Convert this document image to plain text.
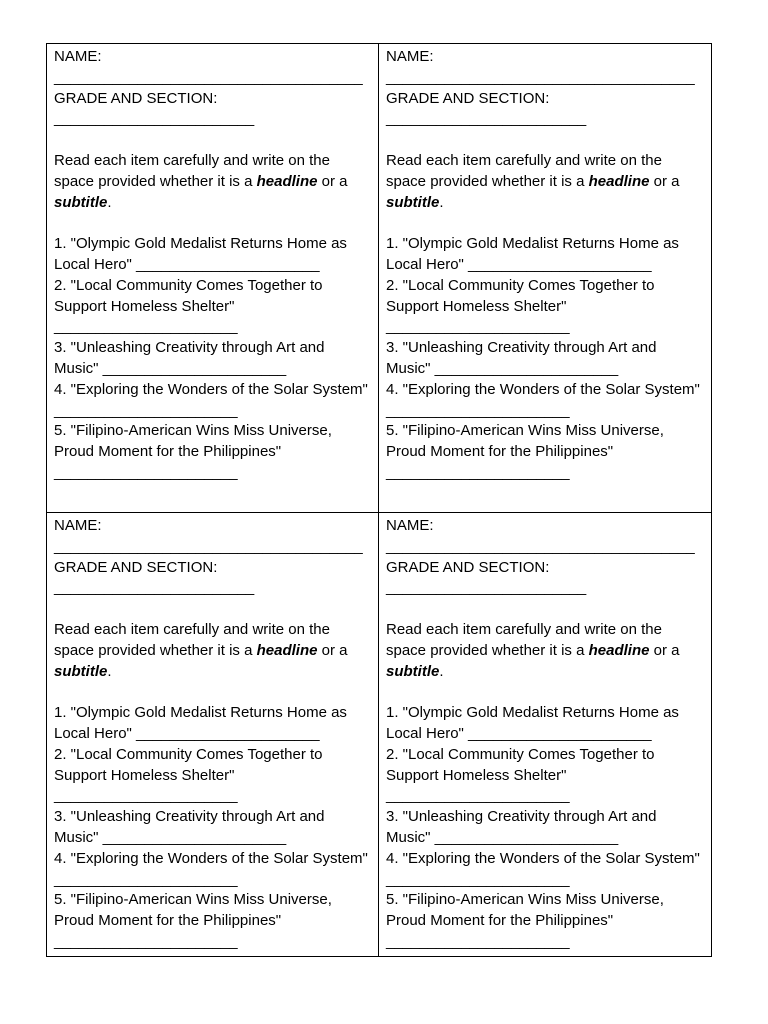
NAME:
_____________________________________
GRADE AND SECTION:
________________________
Read each item carefully and write on the space provided whether it is a headline or a subtitle.
1. "Olympic Gold Medalist Returns Home as Local Hero" ______________________
2. "Local Community Comes Together to Support Homeless Shelter" ______________________
3. "Unleashing Creativity through Art and Music" ______________________
4. "Exploring the Wonders of the Solar System" ______________________
5. "Filipino-American Wins Miss Universe, Proud Moment for the Philippines" ______________________
NAME:
_____________________________________
GRADE AND SECTION:
________________________
Read each item carefully and write on the space provided whether it is a headline or a subtitle.
1. "Olympic Gold Medalist Returns Home as Local Hero" ______________________
2. "Local Community Comes Together to Support Homeless Shelter" ______________________
3. "Unleashing Creativity through Art and Music" ______________________
4. "Exploring the Wonders of the Solar System" ______________________
5. "Filipino-American Wins Miss Universe, Proud Moment for the Philippines" ______________________
NAME:
_____________________________________
GRADE AND SECTION:
________________________
Read each item carefully and write on the space provided whether it is a headline or a subtitle.
1. "Olympic Gold Medalist Returns Home as Local Hero" ______________________
2. "Local Community Comes Together to Support Homeless Shelter" ______________________
3. "Unleashing Creativity through Art and Music" ______________________
4. "Exploring the Wonders of the Solar System" ______________________
5. "Filipino-American Wins Miss Universe, Proud Moment for the Philippines" ______________________
NAME:
_____________________________________
GRADE AND SECTION:
________________________
Read each item carefully and write on the space provided whether it is a headline or a subtitle.
1. "Olympic Gold Medalist Returns Home as Local Hero" ______________________
2. "Local Community Comes Together to Support Homeless Shelter" ______________________
3. "Unleashing Creativity through Art and Music" ______________________
4. "Exploring the Wonders of the Solar System" ______________________
5. "Filipino-American Wins Miss Universe, Proud Moment for the Philippines" ______________________
